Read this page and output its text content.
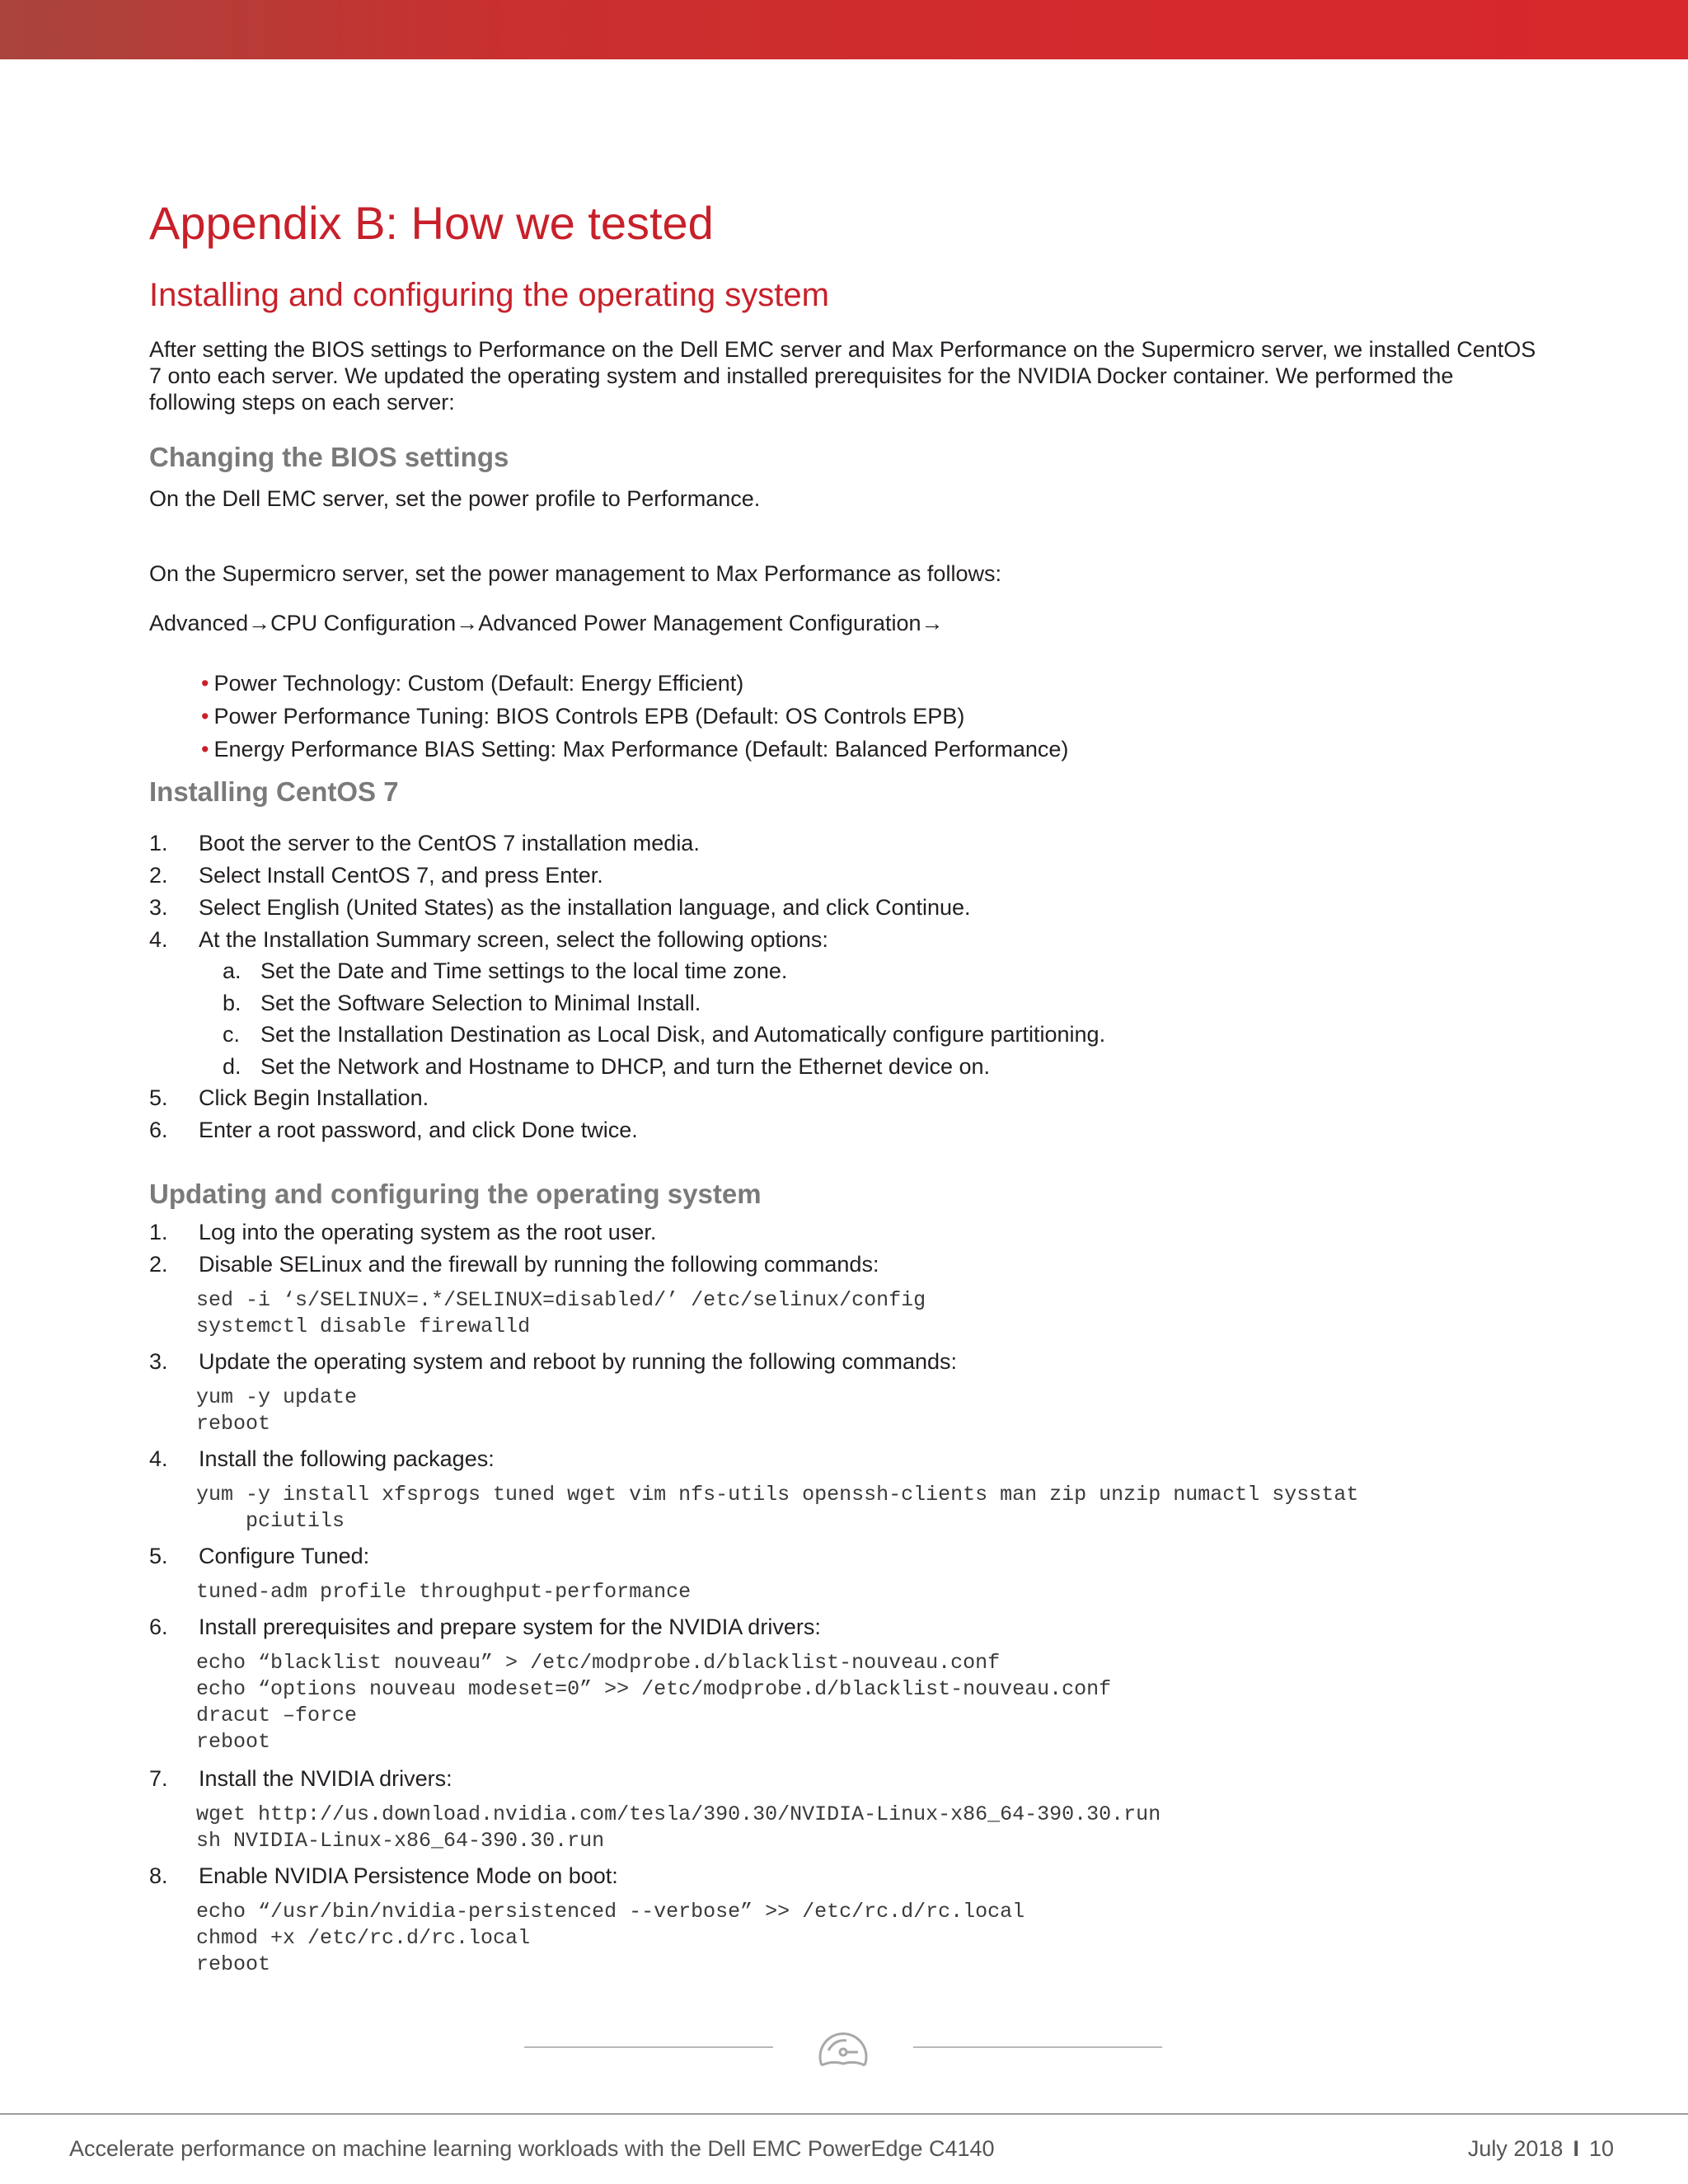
Appendix B: How we tested
Installing and configuring the operating system
After setting the BIOS settings to Performance on the Dell EMC server and Max Performance on the Supermicro server, we installed CentOS 7 onto each server. We updated the operating system and installed prerequisites for the NVIDIA Docker container. We performed the following steps on each server:
Changing the BIOS settings
On the Dell EMC server, set the power profile to Performance.
On the Supermicro server, set the power management to Max Performance as follows:
Advanced→CPU Configuration→Advanced Power Management Configuration→
• Power Technology: Custom (Default: Energy Efficient)
• Power Performance Tuning: BIOS Controls EPB (Default: OS Controls EPB)
• Energy Performance BIAS Setting: Max Performance (Default: Balanced Performance)
Installing CentOS 7
1.	Boot the server to the CentOS 7 installation media.
2.	Select Install CentOS 7, and press Enter.
3.	Select English (United States) as the installation language, and click Continue.
4.	At the Installation Summary screen, select the following options:
a. Set the Date and Time settings to the local time zone.
b. Set the Software Selection to Minimal Install.
c. Set the Installation Destination as Local Disk, and Automatically configure partitioning.
d. Set the Network and Hostname to DHCP, and turn the Ethernet device on.
5.	Click Begin Installation.
6.	Enter a root password, and click Done twice.
Updating and configuring the operating system
1.	Log into the operating system as the root user.
2.	Disable SELinux and the firewall by running the following commands:
sed -i ‘s/SELINUX=.*/SELINUX=disabled/’ /etc/selinux/config
systemctl disable firewalld
3.	Update the operating system and reboot by running the following commands:
yum -y update
reboot
4.	Install the following packages:
yum -y install xfsprogs tuned wget vim nfs-utils openssh-clients man zip unzip numactl sysstat
pciutils
5.	Configure Tuned:
tuned-adm profile throughput-performance
6.	Install prerequisites and prepare system for the NVIDIA drivers:
echo “blacklist nouveau” > /etc/modprobe.d/blacklist-nouveau.conf
echo “options nouveau modeset=0” >> /etc/modprobe.d/blacklist-nouveau.conf
dracut –force
reboot
7.	Install the NVIDIA drivers:
wget http://us.download.nvidia.com/tesla/390.30/NVIDIA-Linux-x86_64-390.30.run
sh NVIDIA-Linux-x86_64-390.30.run
8.	Enable NVIDIA Persistence Mode on boot:
echo “/usr/bin/nvidia-persistenced --verbose” >> /etc/rc.d/rc.local
chmod +x /etc/rc.d/rc.local
reboot
Accelerate performance on machine learning workloads with the Dell EMC PowerEdge C4140	July 2018 I 10
